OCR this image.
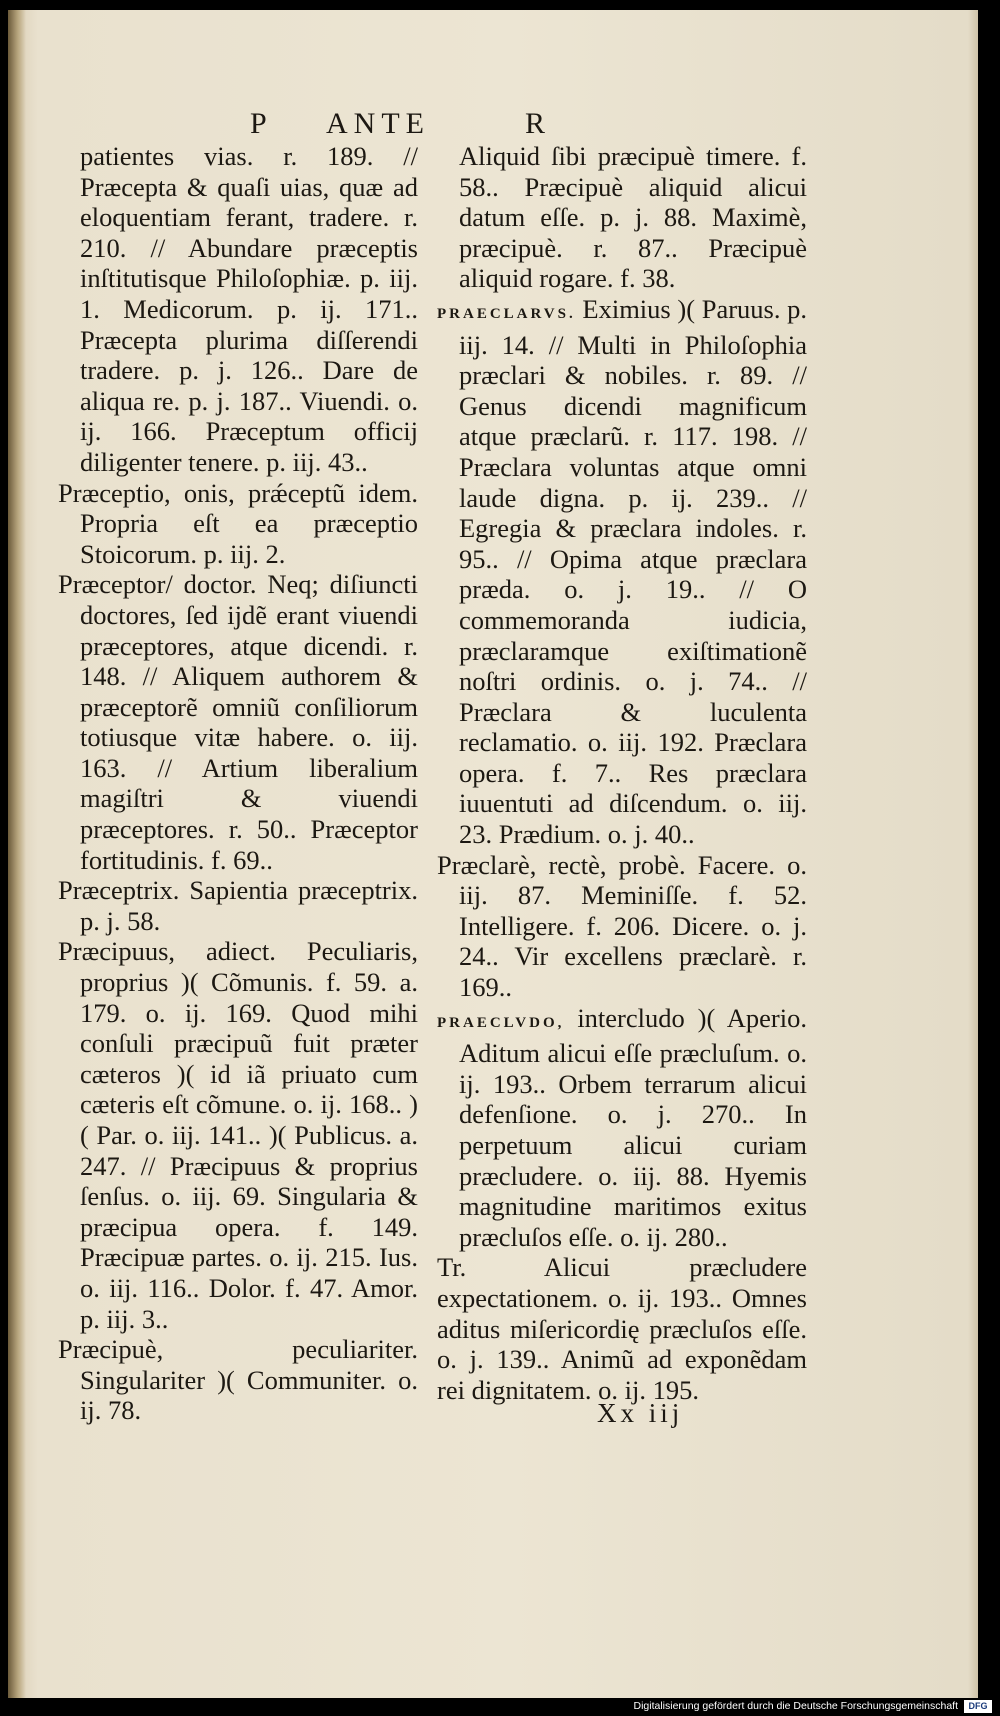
P ANTE	R

patientes vias. r. 189. // Præcepta & quaſi uias, quæ ad eloquentiam ferant, tradere. r. 210. // Abundare præceptis inſtitutisque Philoſophiæ. p. iij. 1. Medicorum. p. ij. 171.. Præcepta plurima diſſerendi tradere. p. j. 126.. Dare de aliqua re. p. j. 187.. Viuendi. o. ij. 166. Præceptum officij diligenter tenere. p. iij. 43..

Præceptio, onis, prǽceptũ idem. Propria eſt ea præceptio Stoicorum. p. iij. 2.

Præceptor/ doctor. Neq; diſiuncti doctores, ſed ijdẽ erant viuendi præceptores, atque dicendi. r. 148. // Aliquem authorem & præceptorẽ omniũ conſiliorum totiusque vitæ habere. o. iij. 163. // Artium liberalium magiſtri & viuendi præceptores. r. 50.. Præceptor fortitudinis. f. 69..

Præceptrix. Sapientia præceptrix. p. j. 58.

Præcipuus, adiect. Peculiaris, proprius )( Cõmunis. f. 59. a. 179. o. ij. 169. Quod mihi conſuli præcipuũ fuit præter cæteros )( id iã priuato cum cæteris eſt cõmune. o. ij. 168.. )( Par. o. iij. 141.. )( Publicus. a. 247. // Præcipuus & proprius ſenſus. o. iij. 69. Singularia & præcipua opera. f. 149. Præcipuæ partes. o. ij. 215. Ius. o. iij. 116.. Dolor. f. 47. Amor. p. iij. 3..

Præcipuè, peculiariter. Singulariter )( Communiter. o. ij. 78.

Aliquid ſibi præcipuè timere. f. 58.. Præcipuè aliquid alicui datum eſſe. p. j. 88. Maximè, præcipuè. r. 87.. Præcipuè aliquid rogare. f. 38.

PRAECLARVS. Eximius )( Paruus. p. iij. 14. // Multi in Philoſophia præclari & nobiles. r. 89. // Genus dicendi magnificum atque præclarũ. r. 117. 198. // Præclara voluntas atque omni laude digna. p. ij. 239.. // Egregia & præclara indoles. r. 95.. // Opima atque præclara præda. o. j. 19.. // O commemoranda iudicia, præclaramque exiſtimationẽ noſtri ordinis. o. j. 74.. // Præclara & luculenta reclamatio. o. iij. 192. Præclara opera. f. 7.. Res præclara iuuentuti ad diſcendum. o. iij. 23. Prædium. o. j. 40..

Præclarè, rectè, probè. Facere. o. iij. 87. Meminiſſe. f. 52. Intelligere. f. 206. Dicere. o. j. 24.. Vir excellens præclarè. r. 169..

PRAECLVDO, intercludo )( Aperio. Aditum alicui eſſe præcluſum. o. ij. 193.. Orbem terrarum alicui defenſione. o. j. 270.. In perpetuum alicui curiam præcludere. o. iij. 88. Hyemis magnitudine maritimos exitus præcluſos eſſe. o. ij. 280..

Tr. Alicui præcludere expectationem. o. ij. 193.. Omnes aditus miſericordię præcluſos eſſe. o. j. 139.. Animũ ad exponẽdam rei dignitatem. o. ij. 195.

Xx iij
Digitalisierung gefördert durch die Deutsche Forschungsgemeinschaft	DFG
